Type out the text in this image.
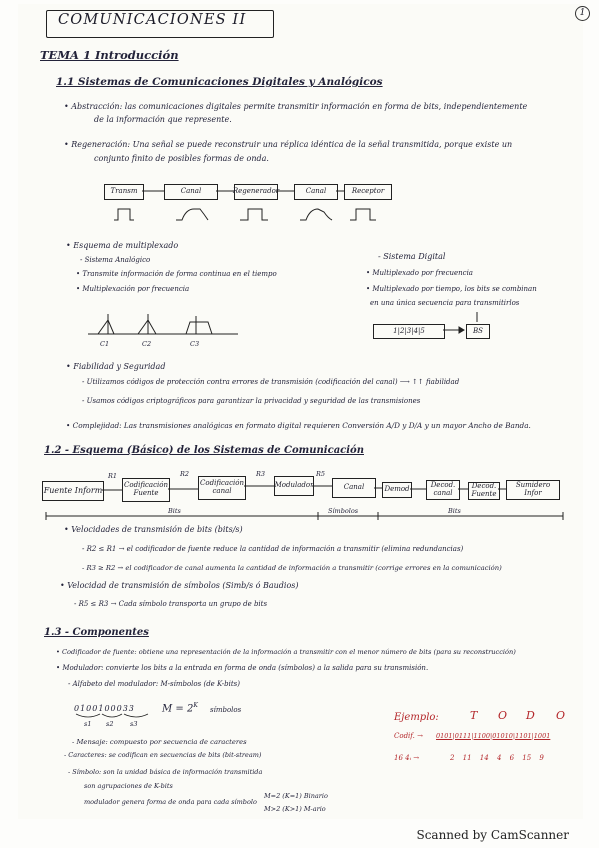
COMUNICACIONES II	1
TEMA 1 Introducción
1.1 Sistemas de Comunicaciones Digitales y Analógicos
• Abstracción: las comunicaciones digitales permite transmitir información en forma de bits, independientemente
de la información que represente.
• Regeneración: Una señal se puede reconstruir una réplica idéntica de la señal transmitida, porque existe un
conjunto finito de posibles formas de onda.
Transm	Canal	Regenerador	Canal	Receptor
• Esquema de multiplexado
- Sistema Analógico
• Transmite información de forma continua en el tiempo
• Multiplexación por frecuencia
C1	C2	C3
- Sistema Digital
• Multiplexado por frecuencia
• Multiplexado por tiempo, los bits se combinan
en una única secuencia para transmitirlos
1|2|3|4|5	BS
• Fiabilidad y Seguridad
- Utilizamos códigos de protección contra errores de transmisión (codificación del canal) ⟶ ↑↑ fiabilidad
- Usamos códigos criptográficos para garantizar la privacidad y seguridad de las transmisiones
• Complejidad: Las transmisiones analógicas en formato digital requieren Conversión A/D y D/A y un mayor Ancho de Banda.
1.2 - Esquema (Básico) de los Sistemas de Comunicación
Fuente Inform
Codificación Fuente
Codificación canal
Modulador	Canal	Demod	Decod. canal
Decod. Fuente
Sumidero Infor
R1	R2	R3	R5
Bits	Símbolos	Bits
• Velocidades de transmisión de bits (bits/s)
- R2 ≤ R1 → el codificador de fuente reduce la cantidad de información a transmitir (elimina redundancias)
- R3 ≥ R2 → el codificador de canal aumenta la cantidad de información a transmitir (corrige errores en la comunicación)
• Velocidad de transmisión de símbolos (Simb/s ó Baudios)
- R5 ≤ R3 → Cada símbolo transporta un grupo de bits
1.3 - Componentes
• Codificador de fuente: obtiene una representación de la información a transmitir con el menor número de bits (para su reconstrucción)
• Modulador: convierte los bits a la entrada en forma de onda (símbolos) a la salida para su transmisión.
- Alfabeto del modulador: M-símbolos (de K-bits)
0100100033
s1 s2	s3
$M = 2^K$
símbolos
- Mensaje: compuesto por secuencia de caracteres
- Caracteres: se codifican en secuencias de bits (bit-stream)
- Símbolo: son la unidad básica de información transmitida
son agrupaciones de K-bits
modulador genera forma de onda para cada símbolo
M=2 (K=1) Binario
M>2 (K>1) M-ario
Ejemplo:	T O D O
Codif. → 0101|0111|1100|01010|1101|1001
16 4ᵢ →	2 11 14 4 6 15 9
Scanned by CamScanner
